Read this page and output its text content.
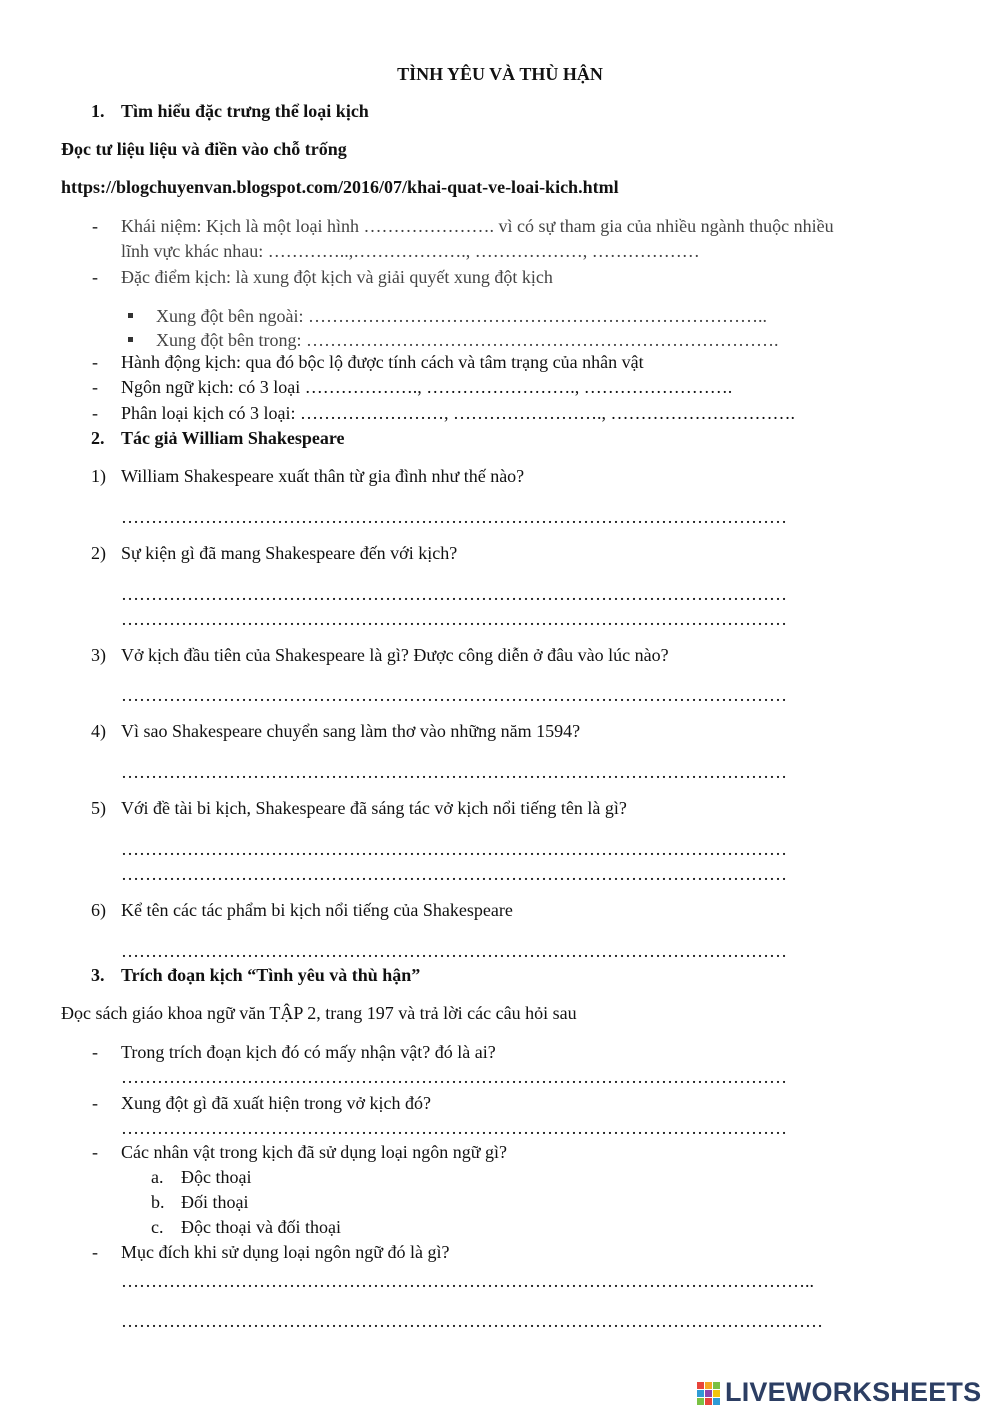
TÌNH YÊU VÀ THÙ HẬN
1. Tìm hiểu đặc trưng thể loại kịch
Đọc tư liệu liệu và điền vào chỗ trống
https://blogchuyenvan.blogspot.com/2016/07/khai-quat-ve-loai-kich.html
- Khái niệm: Kịch là một loại hình …………………. vì có sự tham gia của nhiều ngành thuộc nhiều
lĩnh vực khác nhau: …………..,………………., ………………, ………………
- Đặc điểm kịch: là xung đột kịch và giải quyết xung đột kịch
Xung đột bên ngoài: …………………………………………………………………..
Xung đột bên trong: …………………………………………………………………….
- Hành động kịch: qua đó bộc lộ được tính cách và tâm trạng của nhân vật
- Ngôn ngữ kịch: có 3 loại ………………., ……………………., …………………….
- Phân loại kịch có 3 loại: ……………………, ……………………., ………………………….
2. Tác giả William Shakespeare
1) William Shakespeare xuất thân từ gia đình như thế nào?
…………………………………………………………………………………………………
2) Sự kiện gì đã mang Shakespeare đến với kịch?
…………………………………………………………………………………………………
…………………………………………………………………………………………………
3) Vở kịch đầu tiên của Shakespeare là gì? Được công diễn ở đâu vào lúc nào?
…………………………………………………………………………………………………
4) Vì sao Shakespeare chuyển sang làm thơ vào những năm 1594?
…………………………………………………………………………………………………
5) Với đề tài bi kịch, Shakespeare đã sáng tác vở kịch nổi tiếng tên là gì?
…………………………………………………………………………………………………
…………………………………………………………………………………………………
6) Kể tên các tác phẩm bi kịch nổi tiếng của Shakespeare
…………………………………………………………………………………………………
3. Trích đoạn kịch “Tình yêu và thù hận”
Đọc sách giáo khoa ngữ văn TẬP 2, trang 197 và trả lời các câu hỏi sau
- Trong trích đoạn kịch đó có mấy nhận vật? đó là ai?
…………………………………………………………………………………………………
- Xung đột gì đã xuất hiện trong vở kịch đó?
…………………………………………………………………………………………………
- Các nhân vật trong kịch đã sử dụng loại ngôn ngữ gì?
a. Độc thoại
b. Đối thoại
c. Độc thoại và đối thoại
- Mục đích khi sử dụng loại ngôn ngữ đó là gì?
……………………………………………………………………………………………………..
………………………………………………………………………………………………………
LIVEWORKSHEETS
